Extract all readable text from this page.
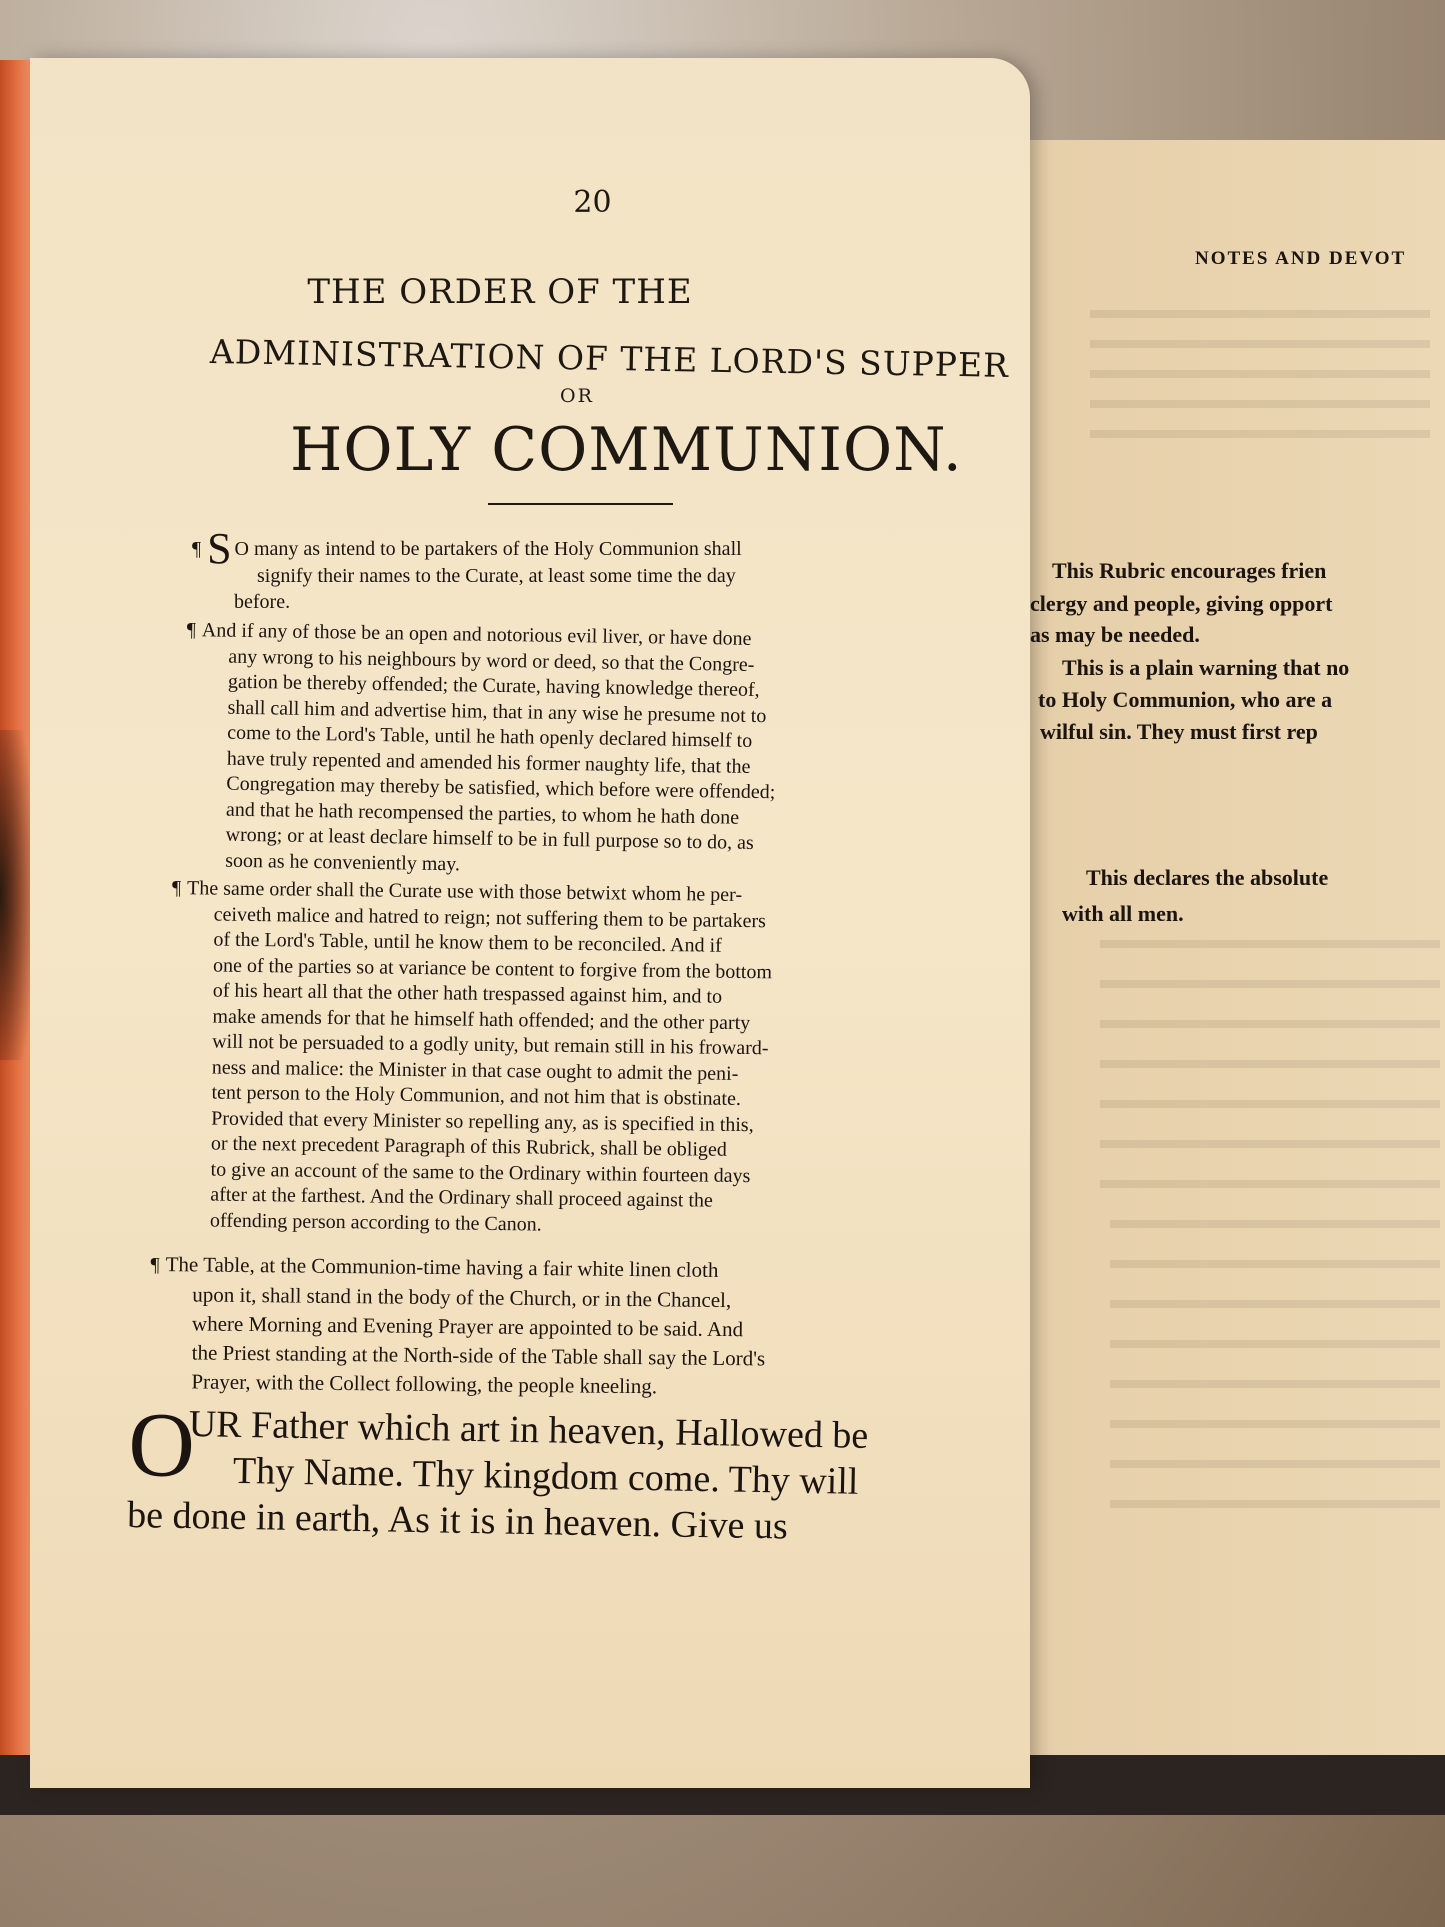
20
THE ORDER OF THE
ADMINISTRATION OF THE LORD'S SUPPER
OR
HOLY COMMUNION.
¶ S O many as intend to be partakers of the Holy Communion shall
signify their names to the Curate, at least some time the day
before.
¶ And if any of those be an open and notorious evil liver, or have done
any wrong to his neighbours by word or deed, so that the Congre-
gation be thereby offended; the Curate, having knowledge thereof,
shall call him and advertise him, that in any wise he presume not to
come to the Lord's Table, until he hath openly declared himself to
have truly repented and amended his former naughty life, that the
Congregation may thereby be satisfied, which before were offended;
and that he hath recompensed the parties, to whom he hath done
wrong; or at least declare himself to be in full purpose so to do, as
soon as he conveniently may.
¶ The same order shall the Curate use with those betwixt whom he per-
ceiveth malice and hatred to reign; not suffering them to be partakers
of the Lord's Table, until he know them to be reconciled. And if
one of the parties so at variance be content to forgive from the bottom
of his heart all that the other hath trespassed against him, and to
make amends for that he himself hath offended; and the other party
will not be persuaded to a godly unity, but remain still in his froward-
ness and malice: the Minister in that case ought to admit the peni-
tent person to the Holy Communion, and not him that is obstinate.
Provided that every Minister so repelling any, as is specified in this,
or the next precedent Paragraph of this Rubrick, shall be obliged
to give an account of the same to the Ordinary within fourteen days
after at the farthest. And the Ordinary shall proceed against the
offending person according to the Canon.
¶ The Table, at the Communion-time having a fair white linen cloth
upon it, shall stand in the body of the Church, or in the Chancel,
where Morning and Evening Prayer are appointed to be said. And
the Priest standing at the North-side of the Table shall say the Lord's
Prayer, with the Collect following, the people kneeling.
O
UR Father which art in heaven, Hallowed be
Thy Name. Thy kingdom come. Thy will
be done in earth, As it is in heaven. Give us
NOTES AND DEVOT
This Rubric encourages frien
clergy and people, giving opport
as may be needed.
This is a plain warning that no
to Holy Communion, who are a
wilful sin. They must first rep
This declares the absolute
with all men.
